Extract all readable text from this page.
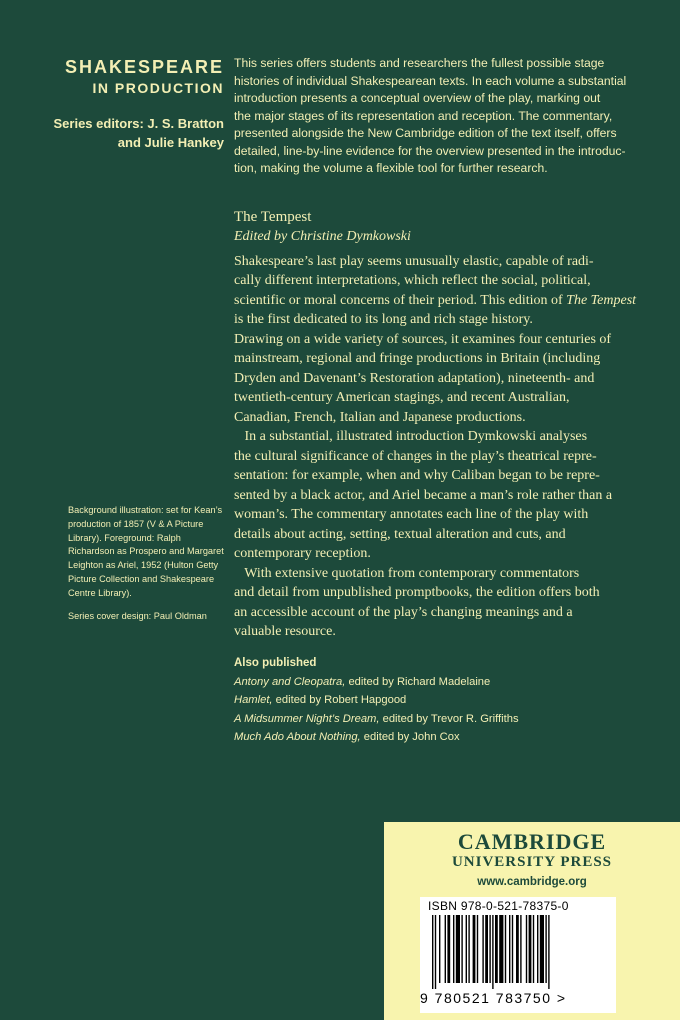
SHAKESPEARE
IN PRODUCTION
Series editors: J. S. Bratton
and Julie Hankey
This series offers students and researchers the fullest possible stage
histories of individual Shakespearean texts. In each volume a substantial
introduction presents a conceptual overview of the play, marking out
the major stages of its representation and reception. The commentary,
presented alongside the New Cambridge edition of the text itself, offers
detailed, line-by-line evidence for the overview presented in the introduc-
tion, making the volume a flexible tool for further research.
The Tempest
Edited by Christine Dymkowski
Shakespeare’s last play seems unusually elastic, capable of radi-
cally different interpretations, which reflect the social, political,
scientific or moral concerns of their period. This edition of The Tempest
is the first dedicated to its long and rich stage history.
Drawing on a wide variety of sources, it examines four centuries of
mainstream, regional and fringe productions in Britain (including
Dryden and Davenant’s Restoration adaptation), nineteenth- and
twentieth-century American stagings, and recent Australian,
Canadian, French, Italian and Japanese productions.
In a substantial, illustrated introduction Dymkowski analyses
the cultural significance of changes in the play’s theatrical repre-
sentation: for example, when and why Caliban began to be repre-
sented by a black actor, and Ariel became a man’s role rather than a
woman’s. The commentary annotates each line of the play with
details about acting, setting, textual alteration and cuts, and
contemporary reception.
With extensive quotation from contemporary commentators
and detail from unpublished promptbooks, the edition offers both
an accessible account of the play’s changing meanings and a
valuable resource.
Background illustration: set for Kean’s
production of 1857 (V & A Picture
Library). Foreground: Ralph
Richardson as Prospero and Margaret
Leighton as Ariel, 1952 (Hulton Getty
Picture Collection and Shakespeare
Centre Library).
Series cover design: Paul Oldman
Also published
Antony and Cleopatra, edited by Richard Madelaine
Hamlet, edited by Robert Hapgood
A Midsummer Night’s Dream, edited by Trevor R. Griffiths
Much Ado About Nothing, edited by John Cox
CAMBRIDGE
UNIVERSITY PRESS
www.cambridge.org
ISBN 978-0-521-78375-0
9 780521 783750 >
